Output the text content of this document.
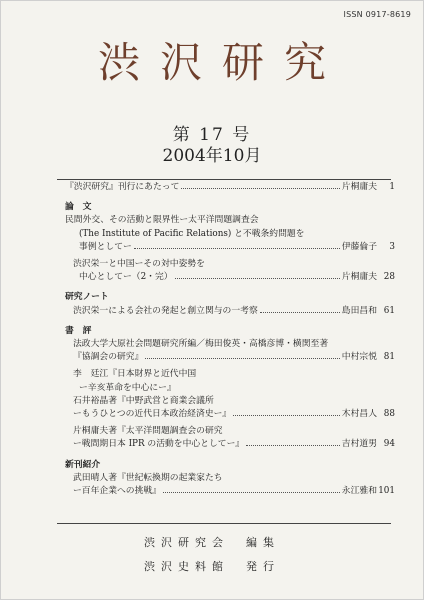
ISSN 0917-8619
渋沢研究
第 17 号
2004年10月
『渋沢研究』刊行にあたって	片桐庸夫	1
論　文
民間外交、その活動と限界性ー太平洋問題調査会
(The Institute of Pacific Relations) と不戦条約問題を
事例としてー	伊藤倫子	3
渋沢栄一と中国ーその対中姿勢を
中心としてー（2・完）	片桐庸夫 28
研究ノート
渋沢栄一による会社の発起と創立関与の一考察	島田昌和 61
書　評
法政大学大原社会問題研究所編／梅田俊英・高橋彦博・横関至著
『協調会の研究』	中村宗悦 81
李　廷江『日本財界と近代中国
ー辛亥革命を中心にー』
石井裕晶著『中野武営と商業会議所
ーもうひとつの近代日本政治経済史ー』	木村昌人 88
片桐庸夫著『太平洋問題調査会の研究
ー戦間期日本 IPR の活動を中心としてー』	吉村道男 94
新刊紹介
武田晴人著『世紀転換期の起業家たち
ー百年企業への挑戦』	永江雅和 101
渋沢研究会　編集
渋沢史料館　発行
